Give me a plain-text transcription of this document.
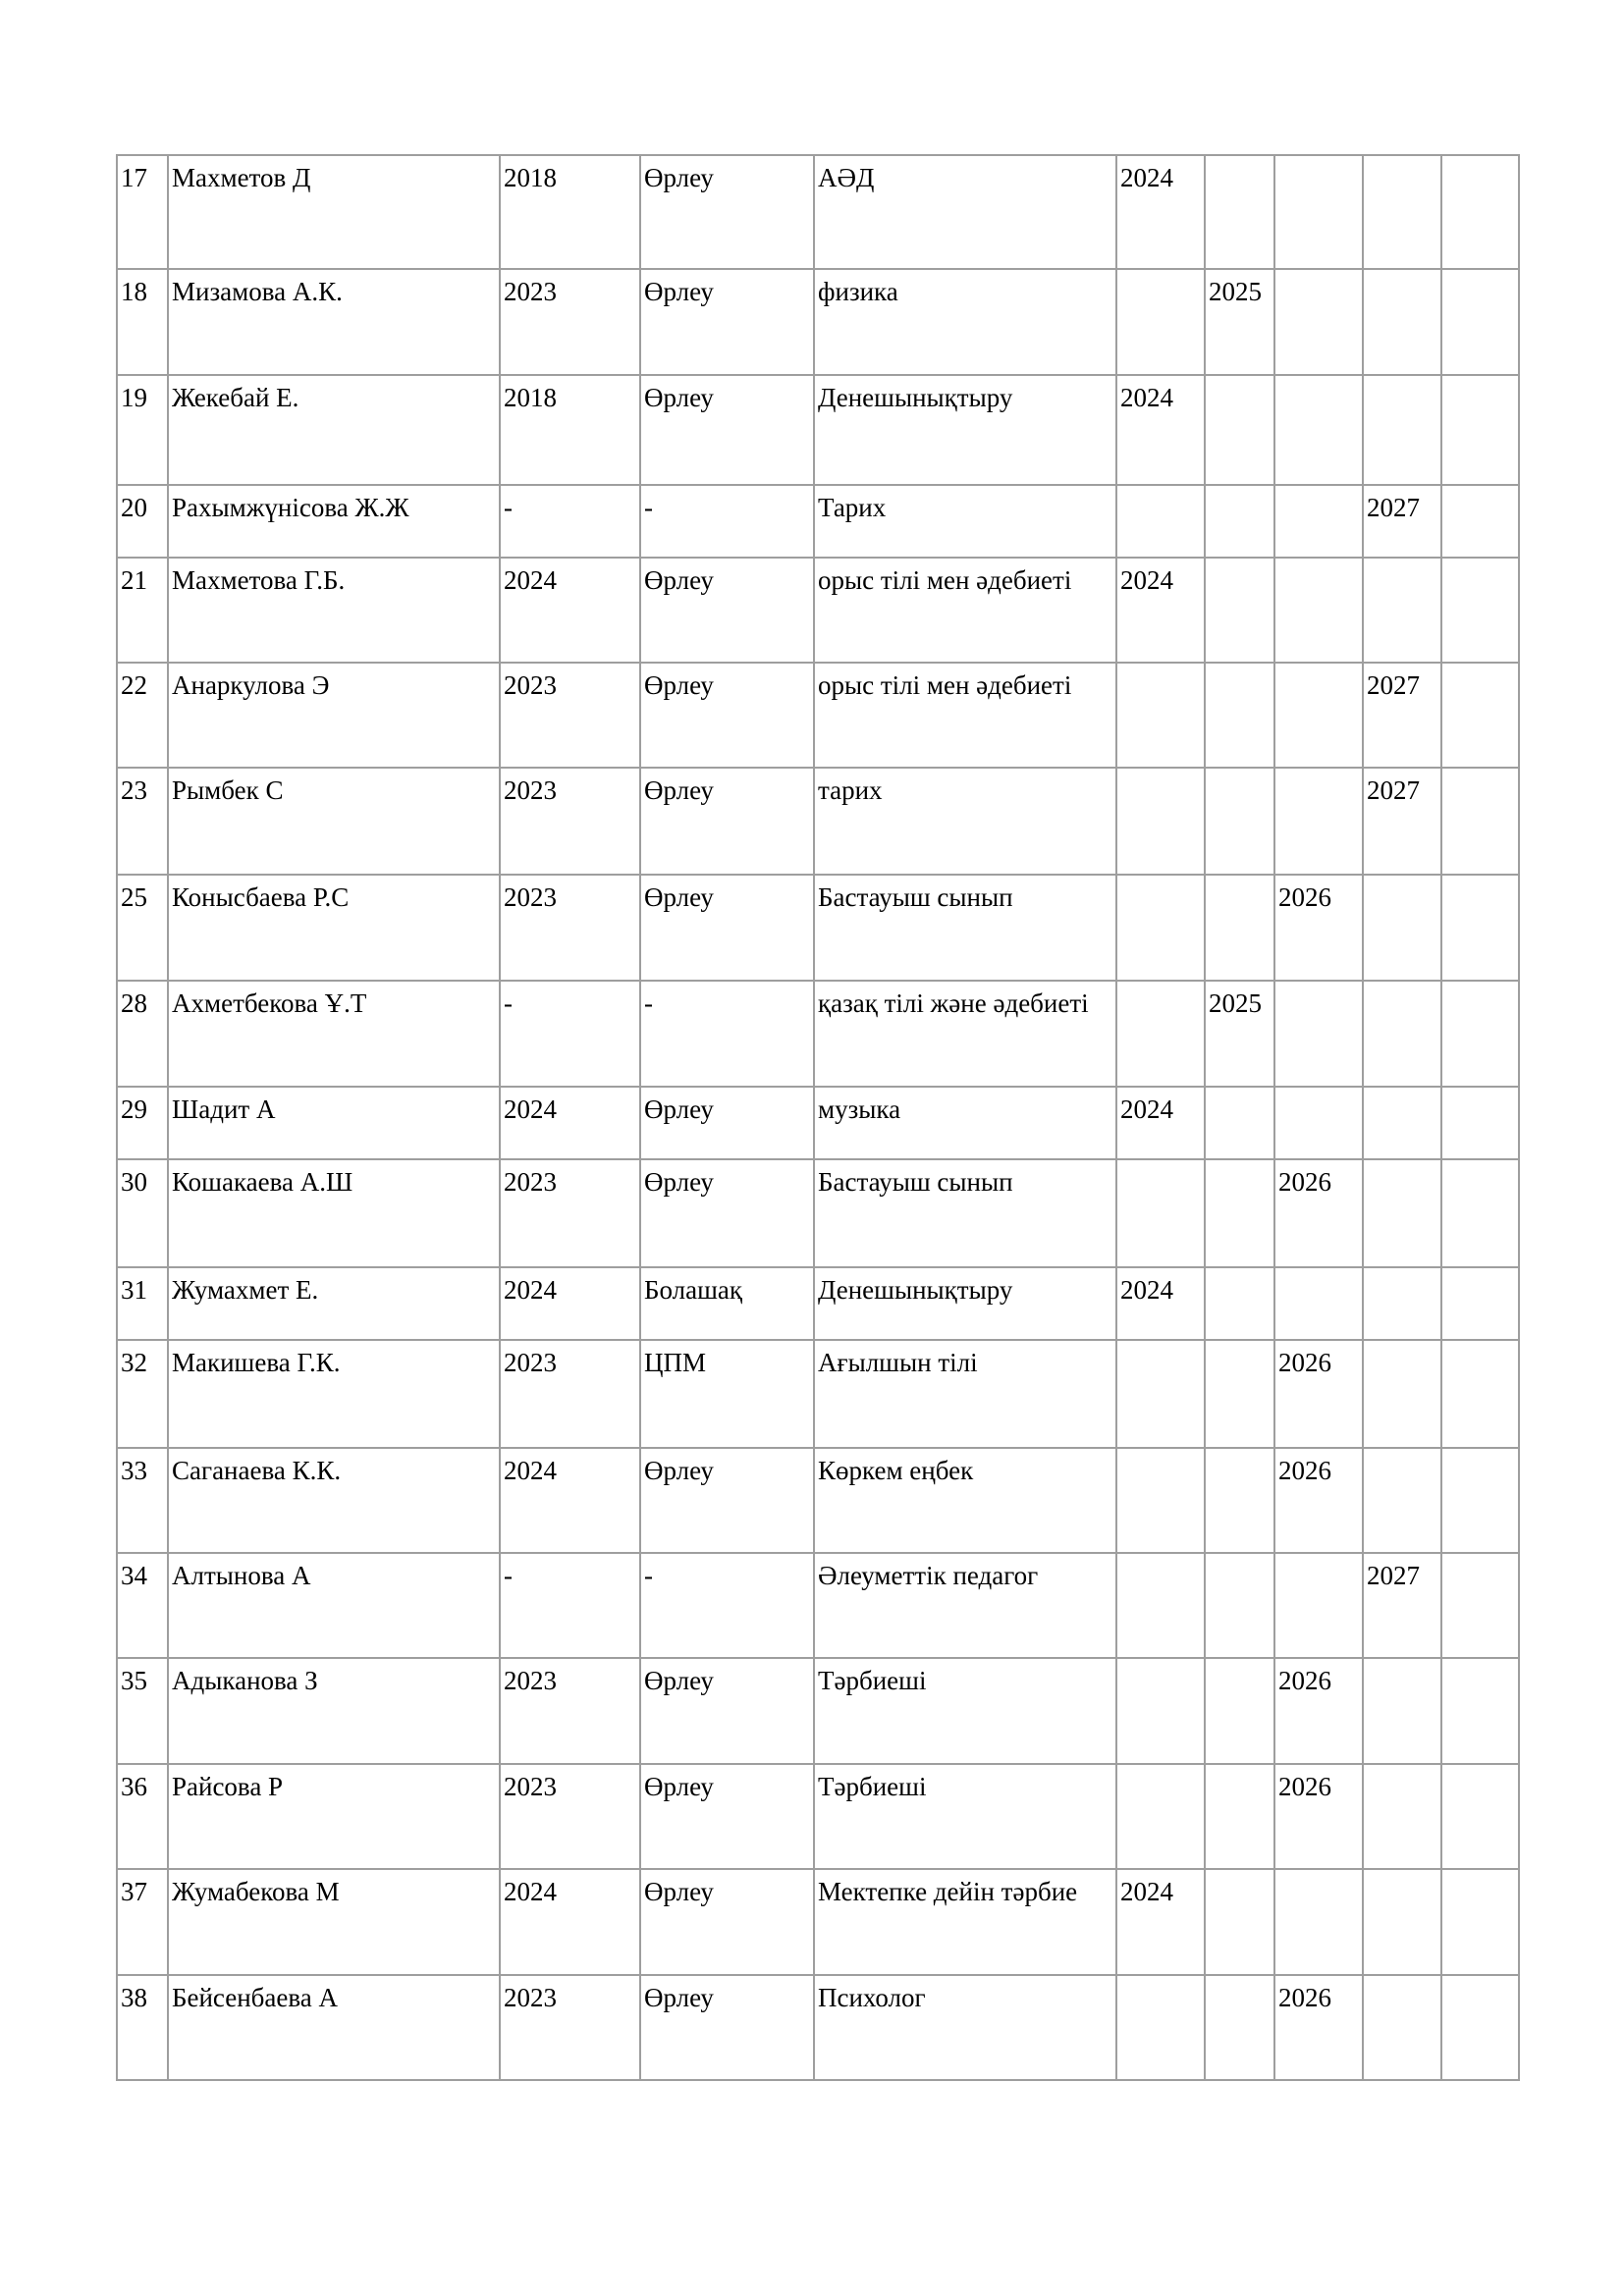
17	Махметов Д	2018	Өрлеу	АӘД	2024				
18	Мизамова А.К.	2023	Өрлеу	физика		2025			
19	Жекебай Е.	2018	Өрлеу	Денешынықтыру	2024				
20	Рахымжүнісова Ж.Ж	-	-	Тарих				2027	
21	Махметова Г.Б.	2024	Өрлеу	орыс тілі мен әдебиеті	2024				
22	Анаркулова Э	2023	Өрлеу	орыс тілі мен әдебиеті				2027	
23	Рымбек С	2023	Өрлеу	тарих				2027	
25	Конысбаева Р.С	2023	Өрлеу	Бастауыш сынып			2026		
28	Ахметбекова Ұ.Т	-	-	қазақ тілі және әдебиеті		2025			
29	Шадит А	2024	Өрлеу	музыка	2024				
30	Кошакаева А.Ш	2023	Өрлеу	Бастауыш сынып			2026		
31	Жумахмет Е.	2024	Болашақ	Денешынықтыру	2024				
32	Макишева Г.К.	2023	ЦПМ	Ағылшын тілі			2026		
33	Саганаева К.К.	2024	Өрлеу	Көркем еңбек			2026		
34	Алтынова А	-	-	Әлеуметтік педагог				2027	
35	Адыканова З	2023	Өрлеу	Тәрбиеші			2026		
36	Райсова Р	2023	Өрлеу	Тәрбиеші			2026		
37	Жумабекова М	2024	Өрлеу	Мектепке дейін тәрбие	2024				
38	Бейсенбаева А	2023	Өрлеу	Психолог			2026		
